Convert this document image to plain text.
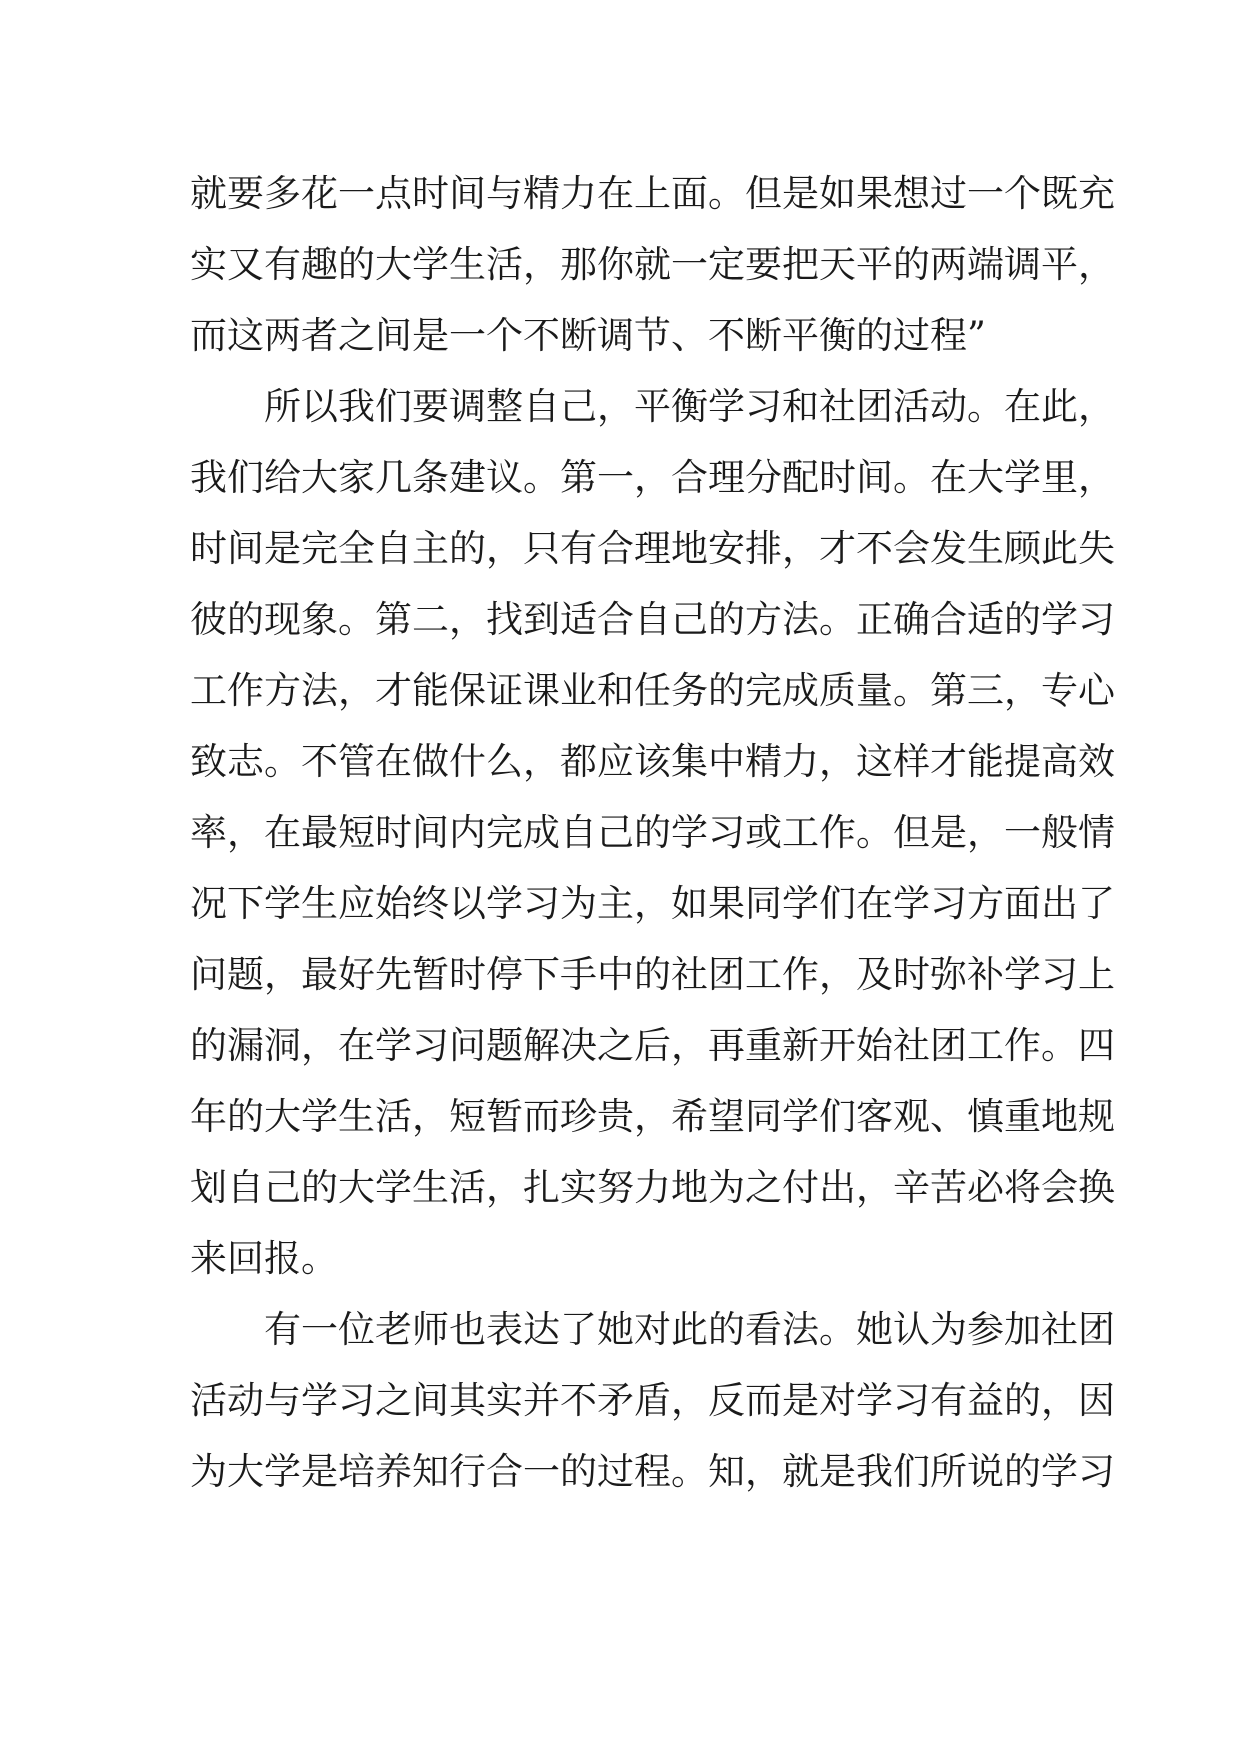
就要多花一点时间与精力在上面。但是如果想过一个既充
实又有趣的大学生活，那你就一定要把天平的两端调平，
而这两者之间是一个不断调节、不断平衡的过程”
所以我们要调整自己，平衡学习和社团活动。在此，
我们给大家几条建议。第一，合理分配时间。在大学里，
时间是完全自主的，只有合理地安排，才不会发生顾此失
彼的现象。第二，找到适合自己的方法。正确合适的学习
工作方法，才能保证课业和任务的完成质量。第三，专心
致志。不管在做什么，都应该集中精力，这样才能提高效
率，在最短时间内完成自己的学习或工作。但是，一般情
况下学生应始终以学习为主，如果同学们在学习方面出了
问题，最好先暂时停下手中的社团工作，及时弥补学习上
的漏洞，在学习问题解决之后，再重新开始社团工作。四
年的大学生活，短暂而珍贵，希望同学们客观、慎重地规
划自己的大学生活，扎实努力地为之付出，辛苦必将会换
来回报。
有一位老师也表达了她对此的看法。她认为参加社团
活动与学习之间其实并不矛盾，反而是对学习有益的，因
为大学是培养知行合一的过程。知，就是我们所说的学习
